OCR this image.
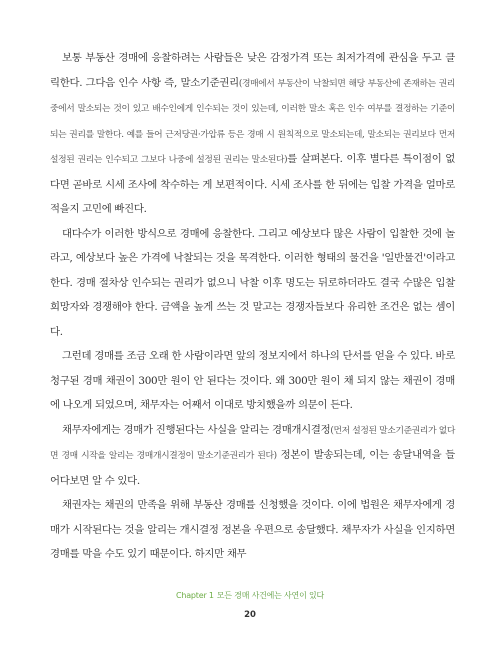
보통 부동산 경매에 응찰하려는 사람들은 낮은 감정가격 또는 최저가격에 관심을 두고 클릭한다. 그다음 인수 사항 즉, 말소기준권리(경매에서 부동산이 낙찰되면 해당 부동산에 존재하는 권리 중에서 말소되는 것이 있고 배수인에게 인수되는 것이 있는데, 이러한 말소 혹은 인수 여부를 결정하는 기준이 되는 권리를 말한다. 예를 들어 근저당권·가압류 등은 경매 시 원칙적으로 말소되는데, 말소되는 권리보다 먼저 설정된 권리는 인수되고 그보다 나중에 설정된 권리는 말소된다)를 살펴본다. 이후 별다른 특이점이 없다면 곧바로 시세 조사에 착수하는 게 보편적이다. 시세 조사를 한 뒤에는 입찰 가격을 얼마로 적을지 고민에 빠진다.

대다수가 이러한 방식으로 경매에 응찰한다. 그리고 예상보다 많은 사람이 입찰한 것에 놀라고, 예상보다 높은 가격에 낙찰되는 것을 목격한다. 이러한 형태의 물건을 '일반물건'이라고 한다. 경매 절차상 인수되는 권리가 없으니 낙찰 이후 명도는 뒤로하더라도 결국 수많은 입찰 희망자와 경쟁해야 한다. 금액을 높게 쓰는 것 말고는 경쟁자들보다 유리한 조건은 없는 셈이다.

그런데 경매를 조금 오래 한 사람이라면 앞의 정보지에서 하나의 단서를 얻을 수 있다. 바로 청구된 경매 채권이 300만 원이 안 된다는 것이다. 왜 300만 원이 채 되지 않는 채권이 경매에 나오게 되었으며, 채무자는 어째서 이대로 방치했을까 의문이 든다.

채무자에게는 경매가 진행된다는 사실을 알리는 경매개시결정(먼저 설정된 말소기준권리가 없다면 경매 시작을 알리는 경매개시결정이 말소기준권리가 된다) 정본이 발송되는데, 이는 송달내역을 들어다보면 알 수 있다.

채권자는 채권의 만족을 위해 부동산 경매를 신청했을 것이다. 이에 법원은 채무자에게 경매가 시작된다는 것을 알리는 개시결정 정본을 우편으로 송달했다. 채무자가 사실을 인지하면 경매를 막을 수도 있기 때문이다. 하지만 채무

Chapter 1 모든 경매 사건에는 사연이 있다
20
